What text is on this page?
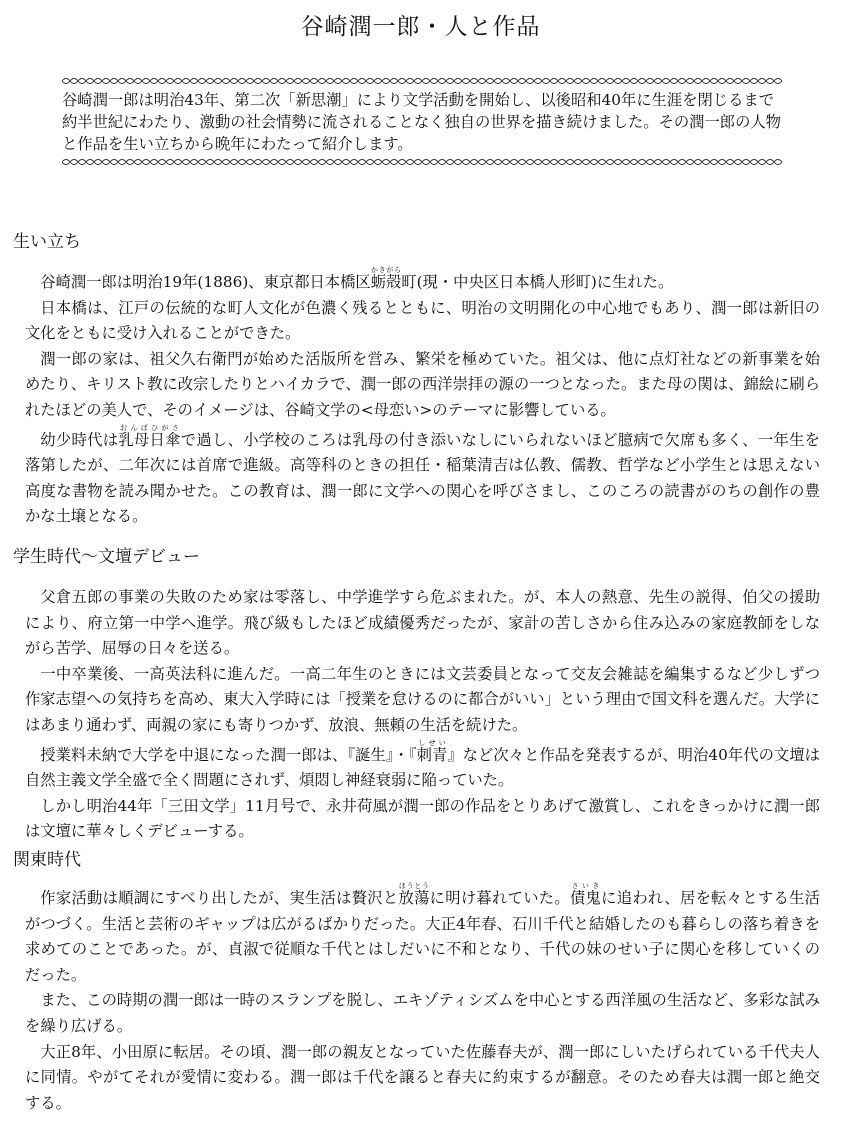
谷崎潤一郎・人と作品

谷崎潤一郎は明治43年、第二次「新思潮」により文学活動を開始し、以後昭和40年に生涯を閉じるまで約半世紀にわたり、激動の社会情勢に流されることなく独自の世界を描き続けました。その潤一郎の人物と作品を生い立ちから晩年にわたって紹介します。

生い立ち

谷崎潤一郎は明治19年(1886)、東京都日本橋区蛎殻かきがら町(現・中央区日本橋人形町)に生れた。

日本橋は、江戸の伝統的な町人文化が色濃く残るとともに、明治の文明開化の中心地でもあり、潤一郎は新旧の文化をともに受け入れることができた。

潤一郎の家は、祖父久右衛門が始めた活版所を営み、繁栄を極めていた。祖父は、他に点灯社などの新事業を始めたり、キリスト教に改宗したりとハイカラで、潤一郎の西洋崇拝の源の一つとなった。また母の関は、錦絵に刷られたほどの美人で、そのイメージは、谷崎文学の<母恋い>のテーマに影響している。

幼少時代は乳母日傘おんばひがさで過し、小学校のころは乳母の付き添いなしにいられないほど臆病で欠席も多く、一年生を落第したが、二年次には首席で進級。高等科のときの担任・稲葉清吉は仏教、儒教、哲学など小学生とは思えない高度な書物を読み聞かせた。この教育は、潤一郎に文学への関心を呼びさまし、このころの読書がのちの創作の豊かな土壌となる。

学生時代～文壇デビュー

父倉五郎の事業の失敗のため家は零落し、中学進学すら危ぶまれた。が、本人の熱意、先生の説得、伯父の援助により、府立第一中学へ進学。飛び級もしたほど成績優秀だったが、家計の苦しさから住み込みの家庭教師をしながら苦学、屈辱の日々を送る。

一中卒業後、一高英法科に進んだ。一高二年生のときには文芸委員となって交友会雑誌を編集するなど少しずつ作家志望への気持ちを高め、東大入学時には「授業を怠けるのに都合がいい」という理由で国文科を選んだ。大学にはあまり通わず、両親の家にも寄りつかず、放浪、無頼の生活を続けた。

授業料未納で大学を中退になった潤一郎は、『誕生』・『刺青しせい』など次々と作品を発表するが、明治40年代の文壇は自然主義文学全盛で全く問題にされず、煩悶し神経衰弱に陥っていた。

しかし明治44年「三田文学」11月号で、永井荷風が潤一郎の作品をとりあげて激賞し、これをきっかけに潤一郎は文壇に華々しくデビューする。

関東時代

作家活動は順調にすべり出したが、実生活は贅沢と放蕩ほうとうに明け暮れていた。債鬼さいきに追われ、居を転々とする生活がつづく。生活と芸術のギャップは広がるばかりだった。大正4年春、石川千代と結婚したのも暮らしの落ち着きを求めてのことであった。が、貞淑で従順な千代とはしだいに不和となり、千代の妹のせい子に関心を移していくのだった。

また、この時期の潤一郎は一時のスランプを脱し、エキゾティシズムを中心とする西洋風の生活など、多彩な試みを繰り広げる。

大正8年、小田原に転居。その頃、潤一郎の親友となっていた佐藤春夫が、潤一郎にしいたげられている千代夫人に同情。やがてそれが愛情に変わる。潤一郎は千代を譲ると春夫に約束するが翻意。そのため春夫は潤一郎と絶交する。
